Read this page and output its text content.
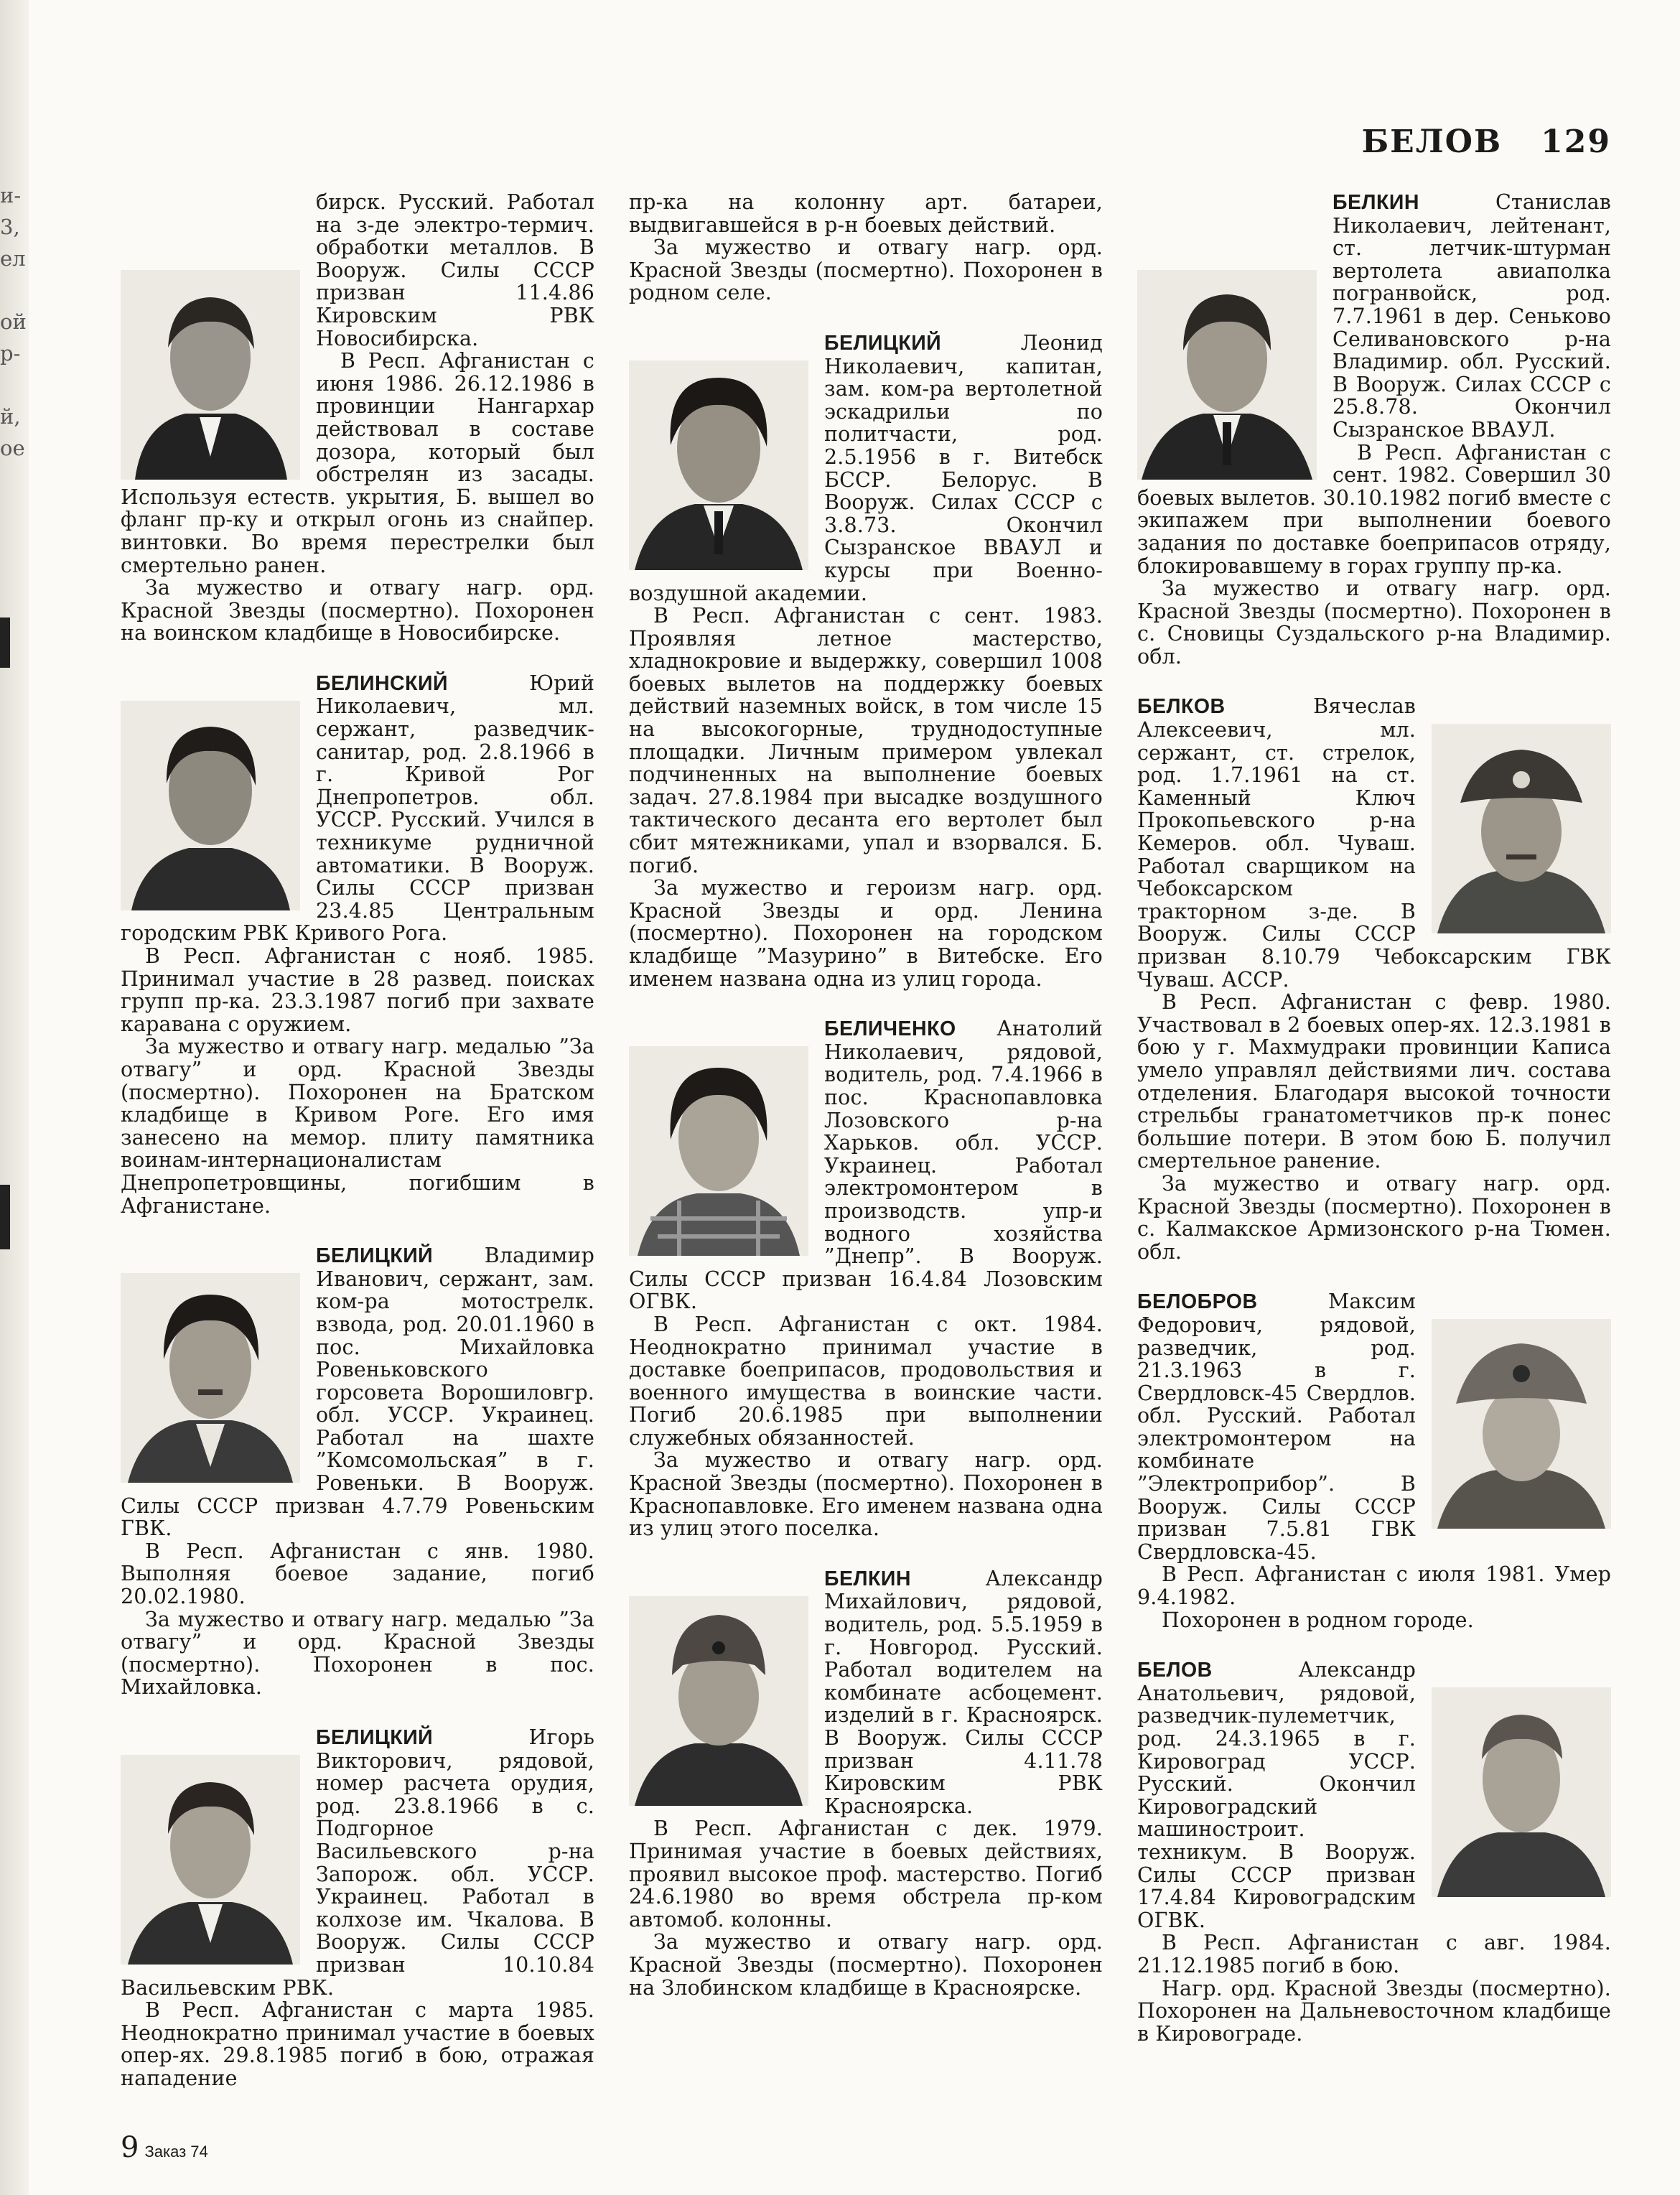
и-
3,
ел

ой
р-

й,
ое
БЕЛОВ 129

бирск. Русский. Работал на з-де электро-термич. обработки металлов. В Вооруж. Силы СССР призван 11.4.86 Кировским РВК Новосибирска.

В Респ. Афганистан с июня 1986. 26.12.1986 в провинции Нангархар действовал в составе дозора, который был обстрелян из засады. Используя естеств. укрытия, Б. вышел во фланг пр-ку и открыл огонь из снайпер. винтовки. Во время перестрелки был смертельно ранен.

За мужество и отвагу нагр. орд. Красной Звезды (посмертно). Похоронен на воинском кладбище в Новосибирске.

БЕЛИНСКИЙ	Юрий Николаевич, мл. сержант, разведчик-санитар, род. 2.8.1966 в г. Кривой Рог Днепропетров. обл. УССР. Русский. Учился в техникуме рудничной автоматики. В Вооруж. Силы СССР призван 23.4.85 Центральным городским РВК Кривого Рога.

В Респ. Афганистан с нояб. 1985. Принимал участие в 28 развед. поисках групп пр-ка. 23.3.1987 погиб при захвате каравана с оружием.

За мужество и отвагу нагр. медалью ”За отвагу” и орд. Красной Звезды (посмертно). Похоронен на Братском кладбище в Кривом Роге. Его имя занесено на мемор. плиту памятника воинам-интернационалистам Днепропетровщины, погибшим в Афганистане.

БЕЛИЦКИЙ	Владимир Иванович, сержант, зам. ком-ра мотострелк. взвода, род. 20.01.1960 в пос. Михайловка Ровеньковского горсовета Ворошиловгр. обл. УССР. Украинец. Работал на шахте ”Комсомольская” в г. Ровеньки. В Вооруж. Силы СССР призван 4.7.79 Ровеньским ГВК.

В Респ. Афганистан с янв. 1980. Выполняя боевое задание, погиб 20.02.1980.

За мужество и отвагу нагр. медалью ”За отвагу” и орд. Красной Звезды (посмертно). Похоронен в пос. Михайловка.

БЕЛИЦКИЙ	Игорь Викторович, рядовой, номер расчета орудия, род. 23.8.1966 в с. Подгорное Васильевского р-на Запорож. обл. УССР. Украинец. Работал в колхозе им. Чкалова. В Вооруж. Силы СССР призван 10.10.84 Васильевским РВК.

В Респ. Афганистан с марта 1985. Неоднократно принимал участие в боевых опер-ях. 29.8.1985 погиб в бою, отражая нападение

пр-ка на колонну арт. батареи, выдвигавшейся в р-н боевых действий.

За мужество и отвагу нагр. орд. Красной Звезды (посмертно). Похоронен в родном селе.

БЕЛИЦКИЙ	Леонид Николаевич, капитан, зам. ком-ра вертолетной эскадрильи по политчасти, род. 2.5.1956 в г. Витебск БССР. Белорус. В Вооруж. Силах СССР с 3.8.73. Окончил Сызранское ВВАУЛ и курсы при Военно-воздушной академии.

В Респ. Афганистан с сент. 1983. Проявляя летное мастерство, хладнокровие и выдержку, совершил 1008 боевых вылетов на поддержку боевых действий наземных войск, в том числе 15 на высокогорные, труднодоступные площадки. Личным примером увлекал подчиненных на выполнение боевых задач. 27.8.1984 при высадке воздушного тактического десанта его вертолет был сбит мятежниками, упал и взорвался. Б. погиб.

За мужество и героизм нагр. орд. Красной Звезды и орд. Ленина (посмертно). Похоронен на городском кладбище ”Мазурино” в Витебске. Его именем названа одна из улиц города.

БЕЛИЧЕНКО Анатолий Николаевич, рядовой, водитель, род. 7.4.1966 в пос. Краснопавловка Лозовского р-на Харьков. обл. УССР. Украинец. Работал электромонтером в производств. упр-и водного хозяйства ”Днепр”. В Вооруж. Силы СССР призван 16.4.84 Лозовским ОГВК.

В Респ. Афганистан с окт. 1984. Неоднократно принимал участие в доставке боеприпасов, продовольствия и военного имущества в воинские части. Погиб 20.6.1985 при выполнении служебных обязанностей.

За мужество и отвагу нагр. орд. Красной Звезды (посмертно). Похоронен в Краснопавловке. Его именем названа одна из улиц этого поселка.

БЕЛКИН	Александр Михайлович, рядовой, водитель, род. 5.5.1959 в г. Новгород. Русский. Работал водителем на комбинате асбоцемент. изделий в г. Красноярск. В Вооруж. Силы СССР призван 4.11.78 Кировским РВК Красноярска.

В Респ. Афганистан с дек. 1979. Принимая участие в боевых действиях, проявил высокое проф. мастерство. Погиб 24.6.1980 во время обстрела пр-ком автомоб. колонны.

За мужество и отвагу нагр. орд. Красной Звезды (посмертно). Похоронен на Злобинском кладбище в Красноярске.

БЕЛКИН	Станислав Николаевич, лейтенант, ст. летчик-штурман вертолета авиаполка погранвойск, род. 7.7.1961 в дер. Сеньково Селивановского р-на Владимир. обл. Русский. В Вооруж. Силах СССР с 25.8.78. Окончил Сызранское ВВАУЛ.

В Респ. Афганистан с сент. 1982. Совершил 30 боевых вылетов. 30.10.1982 погиб вместе с экипажем при выполнении боевого задания по доставке боеприпасов отряду, блокировавшему в горах группу пр-ка.

За мужество и отвагу нагр. орд. Красной Звезды (посмертно). Похоронен в с. Сновицы Суздальского р-на Владимир. обл.

БЕЛКОВ	Вячеслав Алексеевич, мл. сержант, ст. стрелок, род. 1.7.1961 на ст. Каменный Ключ Прокопьевского р-на Кемеров. обл. Чуваш. Работал сварщиком на Чебоксарском тракторном з-де. В Вооруж. Силы СССР призван 8.10.79 Чебоксарским ГВК Чуваш. АССР.

В Респ. Афганистан с февр. 1980. Участвовал в 2 боевых опер-ях. 12.3.1981 в бою у г. Махмудраки провинции Каписа умело управлял действиями лич. состава отделения. Благодаря высокой точности стрельбы гранатометчиков пр-к понес большие потери. В этом бою Б. получил смертельное ранение.

За мужество и отвагу нагр. орд. Красной Звезды (посмертно). Похоронен в с. Калмакское Армизонского р-на Тюмен. обл.

БЕЛОБРОВ	Максим Федорович, рядовой, разведчик, род. 21.3.1963 в г. Свердловск-45 Свердлов. обл. Русский. Работал электромонтером на комбинате ”Электроприбор”. В Вооруж. Силы СССР призван 7.5.81 ГВК Свердловска-45.

В Респ. Афганистан с июля 1981. Умер 9.4.1982.

Похоронен в родном городе.

БЕЛОВ	Александр Анатольевич, рядовой, разведчик-пулеметчик, род. 24.3.1965 в г. Кировоград УССР. Русский. Окончил Кировоградский машиностроит. техникум. В Вооруж. Силы СССР призван 17.4.84 Кировоградским ОГВК.

В Респ. Афганистан с авг. 1984. 21.12.1985 погиб в бою.

Нагр. орд. Красной Звезды (посмертно). Похоронен на Дальневосточном кладбище в Кировограде.

9 Заказ 74
